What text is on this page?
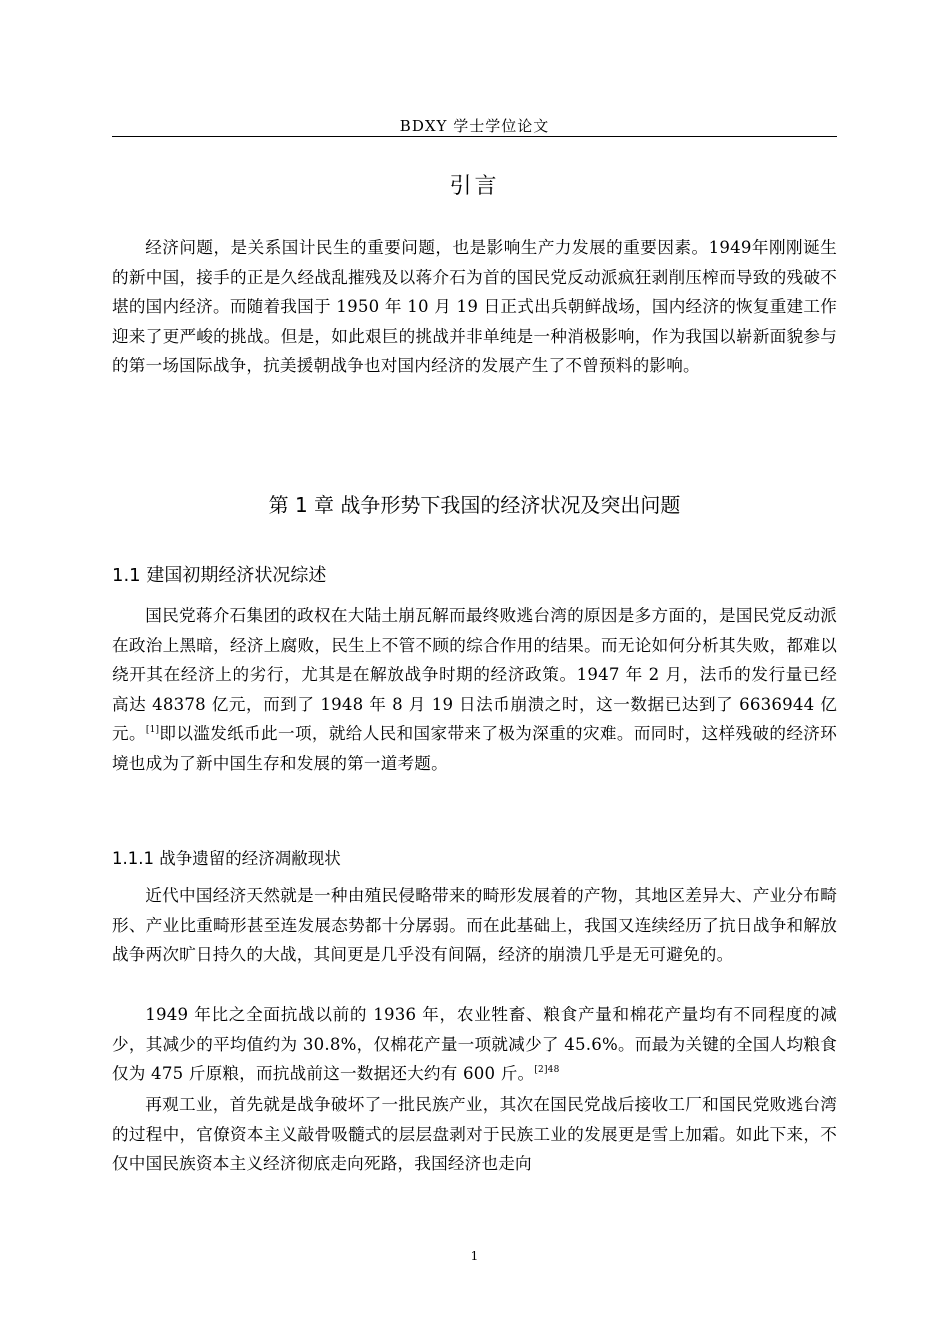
BDXY 学士学位论文
引言

经济问题，是关系国计民生的重要问题，也是影响生产力发展的重要因素。1949年刚刚诞生的新中国，接手的正是久经战乱摧残及以蒋介石为首的国民党反动派疯狂剥削压榨而导致的残破不堪的国内经济。而随着我国于 1950 年 10 月 19 日正式出兵朝鲜战场，国内经济的恢复重建工作迎来了更严峻的挑战。但是，如此艰巨的挑战并非单纯是一种消极影响，作为我国以崭新面貌参与的第一场国际战争，抗美援朝战争也对国内经济的发展产生了不曾预料的影响。

第 1 章 战争形势下我国的经济状况及突出问题
1.1 建国初期经济状况综述

国民党蒋介石集团的政权在大陆土崩瓦解而最终败逃台湾的原因是多方面的，是国民党反动派在政治上黑暗，经济上腐败，民生上不管不顾的综合作用的结果。而无论如何分析其失败，都难以绕开其在经济上的劣行，尤其是在解放战争时期的经济政策。1947 年 2 月，法币的发行量已经高达 48378 亿元，而到了 1948 年 8 月 19 日法币崩溃之时，这一数据已达到了 6636944 亿元。[1]即以滥发纸币此一项，就给人民和国家带来了极为深重的灾难。而同时，这样残破的经济环境也成为了新中国生存和发展的第一道考题。

1.1.1 战争遗留的经济凋敝现状

近代中国经济天然就是一种由殖民侵略带来的畸形发展着的产物，其地区差异大、产业分布畸形、产业比重畸形甚至连发展态势都十分孱弱。而在此基础上，我国又连续经历了抗日战争和解放战争两次旷日持久的大战，其间更是几乎没有间隔，经济的崩溃几乎是无可避免的。

1949 年比之全面抗战以前的 1936 年，农业牲畜、粮食产量和棉花产量均有不同程度的减少，其减少的平均值约为 30.8%，仅棉花产量一项就减少了 45.6%。而最为关键的全国人均粮食仅为 475 斤原粮，而抗战前这一数据还大约有 600 斤。$^{[2]48}$

再观工业，首先就是战争破坏了一批民族产业，其次在国民党战后接收工厂和国民党败逃台湾的过程中，官僚资本主义敲骨吸髓式的层层盘剥对于民族工业的发展更是雪上加霜。如此下来，不仅中国民族资本主义经济彻底走向死路，我国经济也走向

1
